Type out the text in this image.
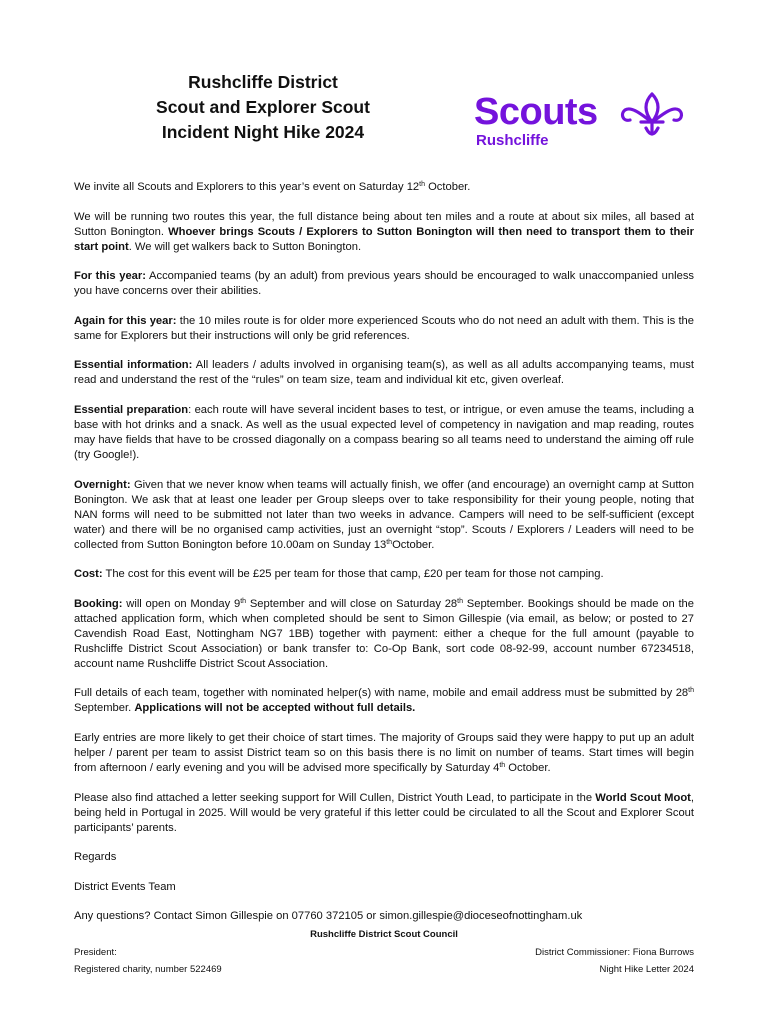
Rushcliffe District
Scout and Explorer Scout
Incident Night Hike 2024	Scouts
Rushcliffe

We invite all Scouts and Explorers to this year’s event on Saturday 12th October.

We will be running two routes this year, the full distance being about ten miles and a route at about six miles, all based at Sutton Bonington. Whoever brings Scouts / Explorers to Sutton Bonington will then need to transport them to their start point. We will get walkers back to Sutton Bonington.

For this year: Accompanied teams (by an adult) from previous years should be encouraged to walk unaccompanied unless you have concerns over their abilities.

Again for this year: the 10 miles route is for older more experienced Scouts who do not need an adult with them. This is the same for Explorers but their instructions will only be grid references.

Essential information: All leaders / adults involved in organising team(s), as well as all adults accompanying teams, must read and understand the rest of the “rules” on team size, team and individual kit etc, given overleaf.

Essential preparation: each route will have several incident bases to test, or intrigue, or even amuse the teams, including a base with hot drinks and a snack. As well as the usual expected level of competency in navigation and map reading, routes may have fields that have to be crossed diagonally on a compass bearing so all teams need to understand the aiming off rule (try Google!).

Overnight: Given that we never know when teams will actually finish, we offer (and encourage) an overnight camp at Sutton Bonington. We ask that at least one leader per Group sleeps over to take responsibility for their young people, noting that NAN forms will need to be submitted not later than two weeks in advance. Campers will need to be self-sufficient (except water) and there will be no organised camp activities, just an overnight “stop”. Scouts / Explorers / Leaders will need to be collected from Sutton Bonington before 10.00am on Sunday 13thOctober.

Cost: The cost for this event will be £25 per team for those that camp, £20 per team for those not camping.

Booking: will open on Monday 9th September and will close on Saturday 28th September. Bookings should be made on the attached application form, which when completed should be sent to Simon Gillespie (via email, as below; or posted to 27 Cavendish Road East, Nottingham NG7 1BB) together with payment: either a cheque for the full amount (payable to Rushcliffe District Scout Association) or bank transfer to: Co-Op Bank, sort code 08-92-99, account number 67234518, account name Rushcliffe District Scout Association.

Full details of each team, together with nominated helper(s) with name, mobile and email address must be submitted by 28th September. Applications will not be accepted without full details.

Early entries are more likely to get their choice of start times. The majority of Groups said they were happy to put up an adult helper / parent per team to assist District team so on this basis there is no limit on number of teams. Start times will begin from afternoon / early evening and you will be advised more specifically by Saturday 4th October.

Please also find attached a letter seeking support for Will Cullen, District Youth Lead, to participate in the World Scout Moot, being held in Portugal in 2025. Will would be very grateful if this letter could be circulated to all the Scout and Explorer Scout participants’ parents.

Regards

District Events Team

Any questions? Contact Simon Gillespie on 07760 372105 or simon.gillespie@dioceseofnottingham.uk

Rushcliffe District Scout Council
President:	District Commissioner: Fiona Burrows
Registered charity, number 522469	Night Hike Letter 2024
